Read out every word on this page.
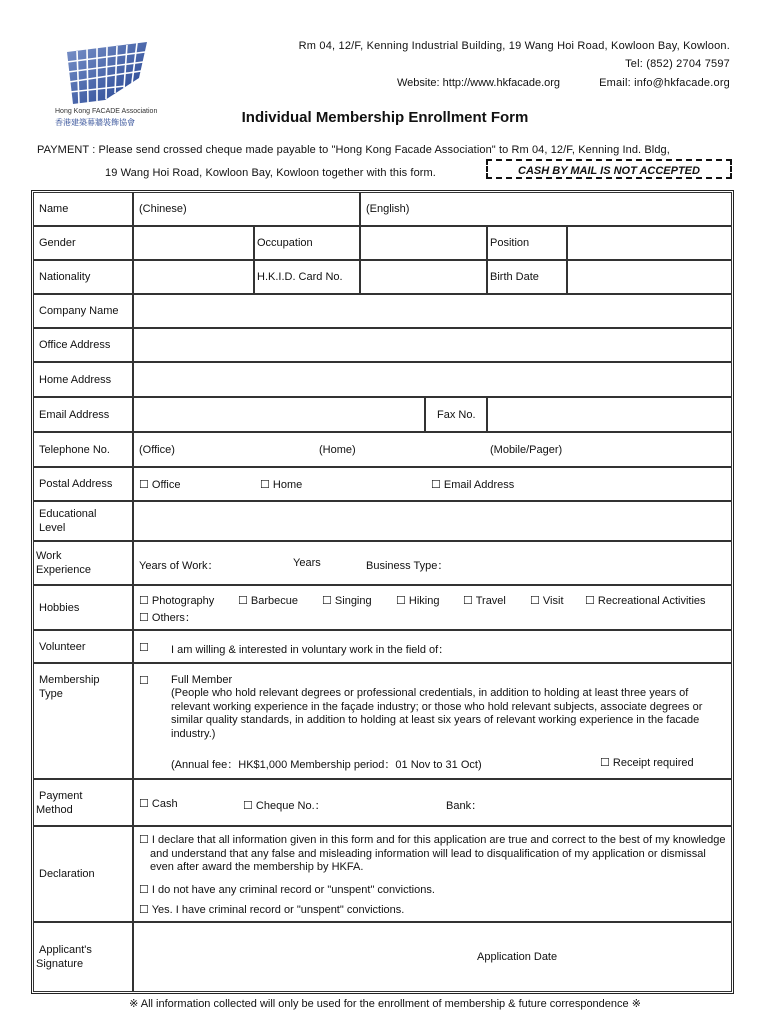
Hong Kong FACADE Association
香港建築幕牆裝飾協會
Rm 04, 12/F, Kenning Industrial Building, 19 Wang Hoi Road, Kowloon Bay, Kowloon.
Tel: (852) 2704 7597
Website: http://www.hkfacade.org	Email: info@hkfacade.org
Individual Membership Enrollment Form
PAYMENT : Please send crossed cheque made payable to "Hong Kong Facade Association" to Rm 04, 12/F, Kenning Ind. Bldg,
19 Wang Hoi Road, Kowloon Bay, Kowloon together with this form.	CASH BY MAIL IS NOT ACCEPTED
Name	(Chinese)	(English)
Gender	Occupation	Position
Nationality	H.K.I.D. Card No.	Birth Date
Company Name
Office Address
Home Address
Email Address	Fax No.
Telephone No.	(Office)	(Home)	(Mobile/Pager)
Postal Address ☐ Office	☐ Home	☐ Email Address
Educational
Level
Work
Experience	Years of Work：	Years	Business Type：
Hobbies
☐ Photography ☐ Barbecue ☐ Singing ☐ Hiking ☐ Travel ☐ Visit ☐ Recreational Activities
☐ Others：
Volunteer	☐ I am willing & interested in voluntary work in the field of：
Membership
Type
☐ Full Member
(People who hold relevant degrees or professional credentials, in addition to holding at least three years of relevant working experience in the façade industry; or those who hold relevant subjects, associate degrees or similar quality standards, in addition to holding at least six years of relevant working experience in the facade industry.)
(Annual fee：HK$1,000 Membership period：01 Nov to 31 Oct)	☐ Receipt required
Payment
Method	☐ Cash	☐ Cheque No.：	Bank：
Declaration
☐ I declare that all information given in this form and for this application are true and correct to the best of my knowledge and understand that any false and misleading information will lead to disqualification of my application or dismissal even after award the membership by HKFA.
☐ I do not have any criminal record or "unspent" convictions.
☐ Yes. I have criminal record or "unspent" convictions.
Applicant's
Signature
Application Date
※ All information collected will only be used for the enrollment of membership & future correspondence ※
